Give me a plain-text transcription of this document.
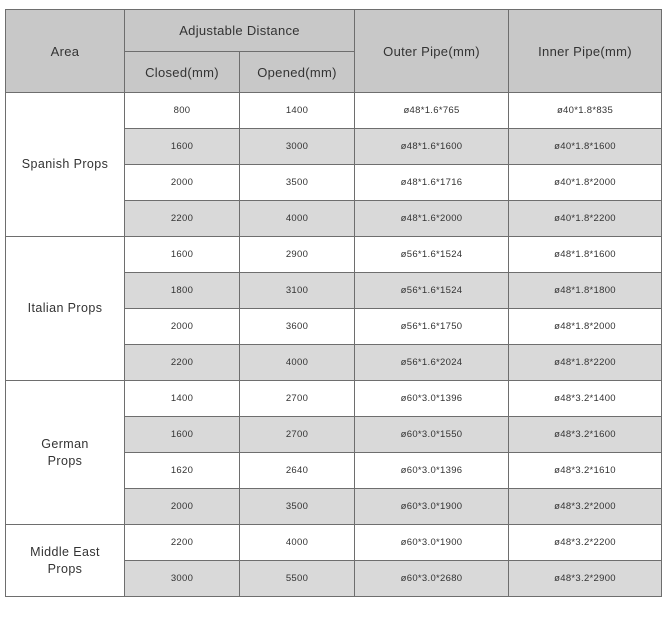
Area	Adjustable Distance		Outer Pipe(mm)	Inner Pipe(mm)
	Closed(mm)	Opened(mm)		

Spanish Props	800	1400	ø48*1.6*765	ø40*1.8*835
	1600	3000	ø48*1.6*1600	ø40*1.8*1600
	2000	3500	ø48*1.6*1716	ø40*1.8*2000
	2200	4000	ø48*1.6*2000	ø40*1.8*2200

Italian Props	1600	2900	ø56*1.6*1524	ø48*1.8*1600
	1800	3100	ø56*1.6*1524	ø48*1.8*1800
	2000	3600	ø56*1.6*1750	ø48*1.8*2000
	2200	4000	ø56*1.6*2024	ø48*1.8*2200

German
Props	1400	2700	ø60*3.0*1396	ø48*3.2*1400
	1600	2700	ø60*3.0*1550	ø48*3.2*1600
	1620	2640	ø60*3.0*1396	ø48*3.2*1610
	2000	3500	ø60*3.0*1900	ø48*3.2*2000

Middle East
Props	2200	4000	ø60*3.0*1900	ø48*3.2*2200
	3000	5500	ø60*3.0*2680	ø48*3.2*2900
